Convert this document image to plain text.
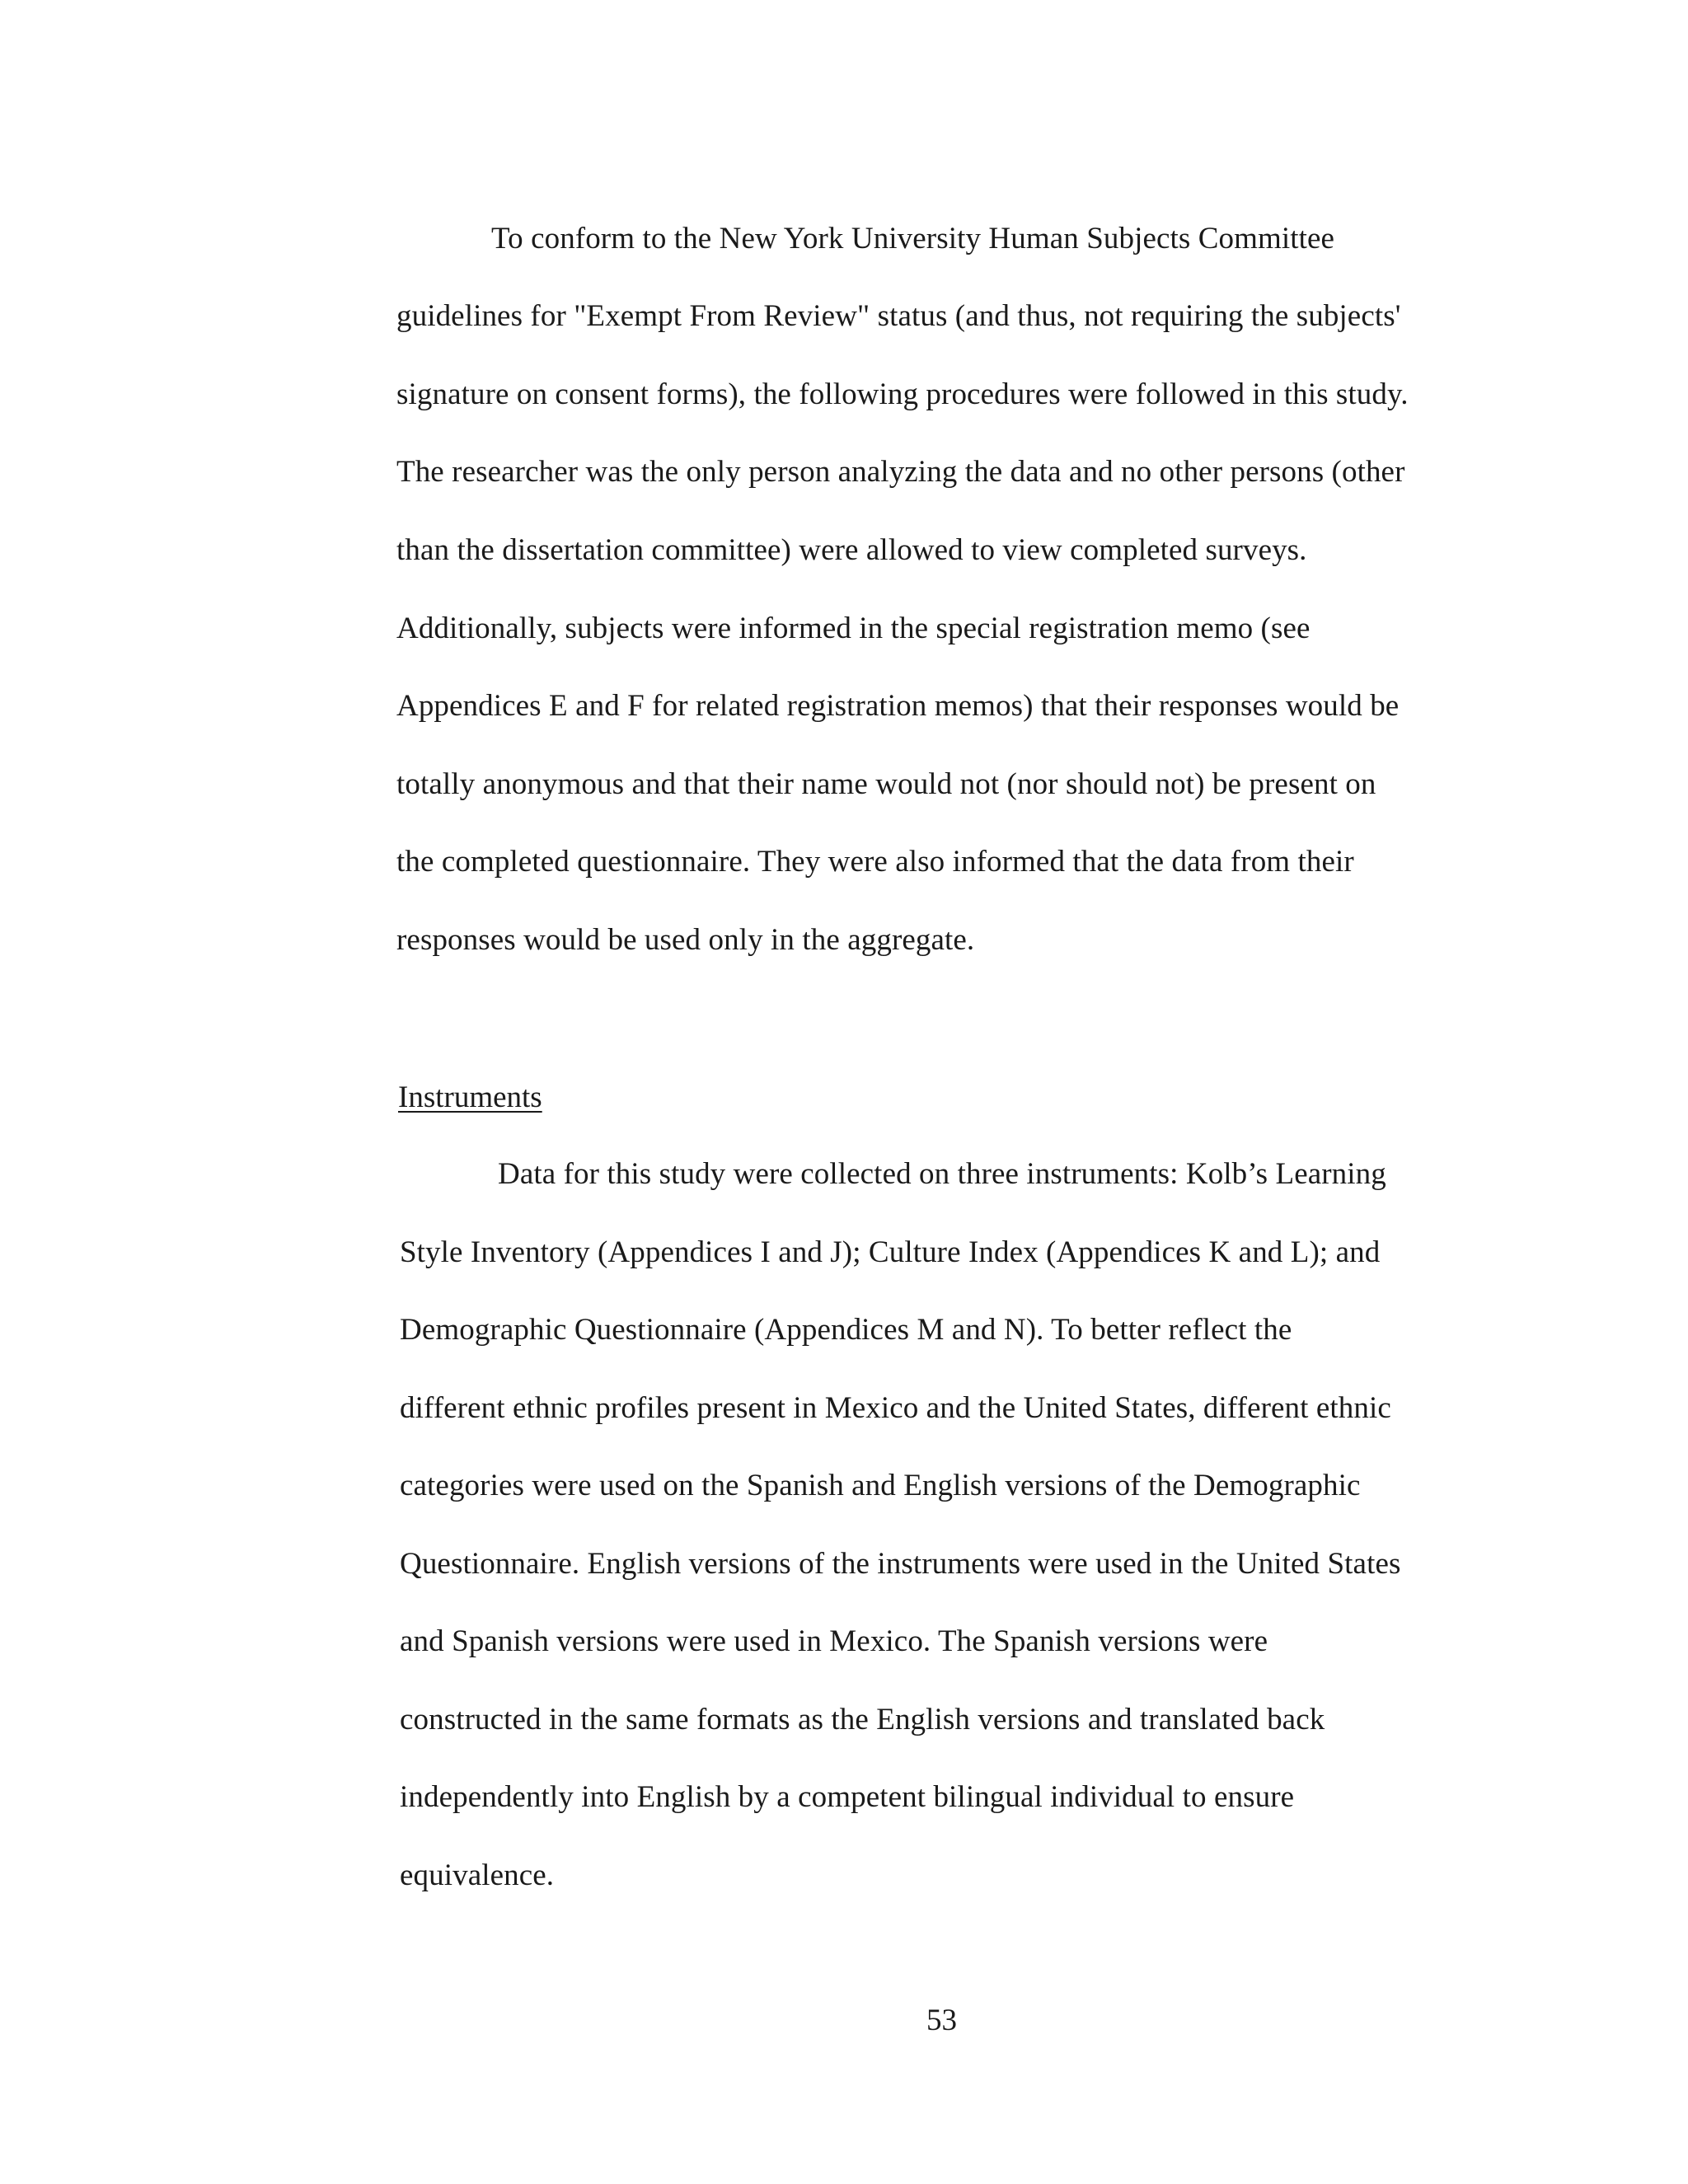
To conform to the New York University Human Subjects Committee
guidelines for "Exempt From Review" status (and thus, not requiring the subjects'
signature on consent forms), the following procedures were followed in this study.
The researcher was the only person analyzing the data and no other persons (other
than the dissertation committee) were allowed to view completed surveys.
Additionally, subjects were informed in the special registration memo (see
Appendices E and F for related registration memos) that their responses would be
totally anonymous and that their name would not (nor should not) be present on
the completed questionnaire. They were also informed that the data from their
responses would be used only in the aggregate.
Instruments
Data for this study were collected on three instruments: Kolb’s Learning
Style Inventory (Appendices I and J); Culture Index (Appendices K and L); and
Demographic Questionnaire (Appendices M and N). To better reflect the
different ethnic profiles present in Mexico and the United States, different ethnic
categories were used on the Spanish and English versions of the Demographic
Questionnaire. English versions of the instruments were used in the United States
and Spanish versions were used in Mexico. The Spanish versions were
constructed in the same formats as the English versions and translated back
independently into English by a competent bilingual individual to ensure
equivalence.
53
